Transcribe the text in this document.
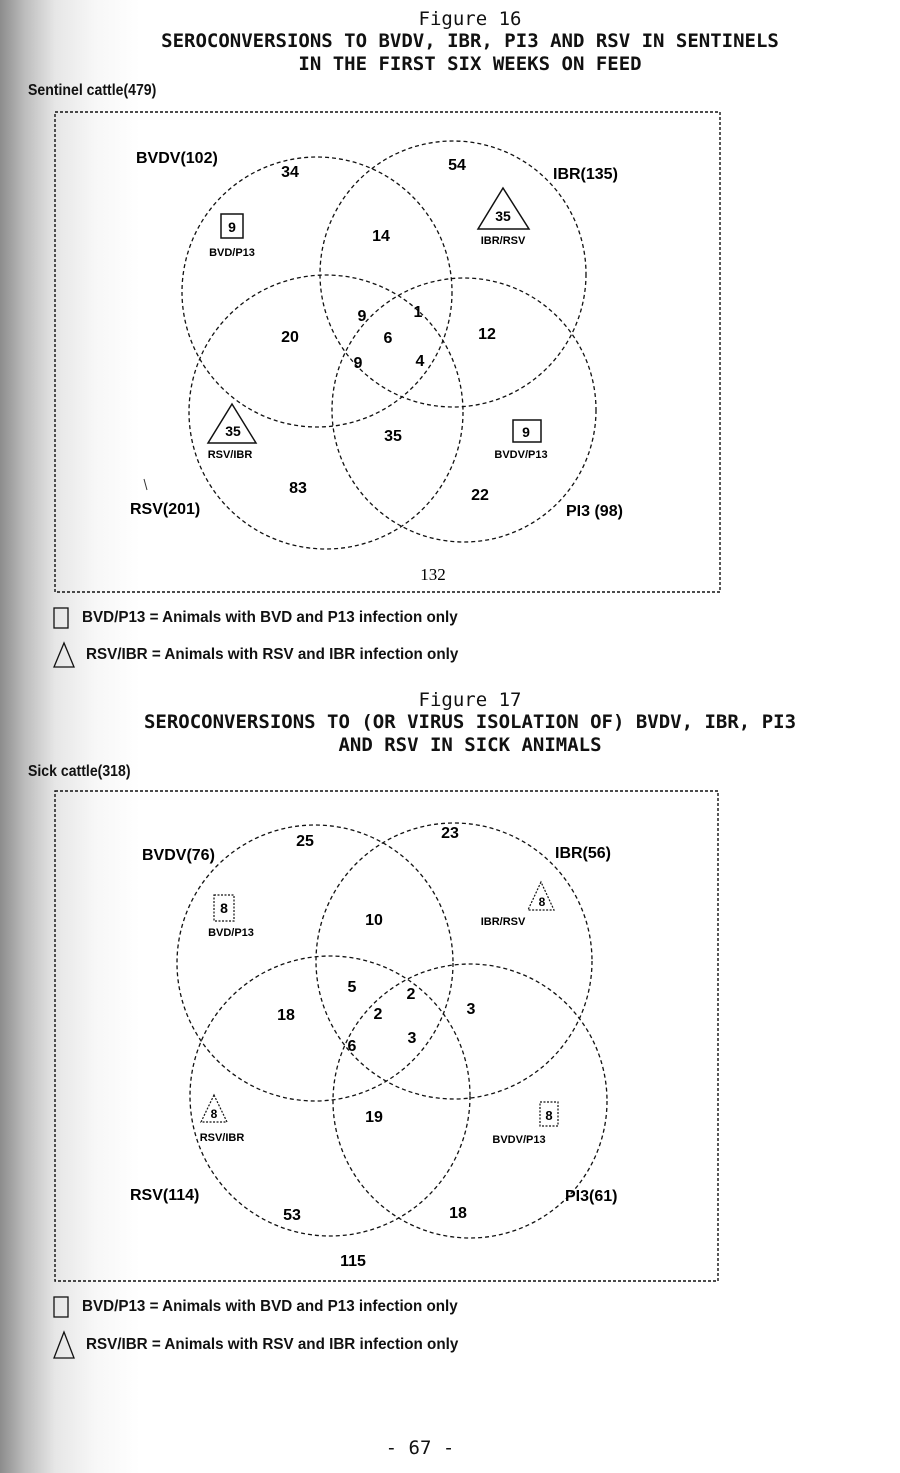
Figure 16
SEROCONVERSIONS TO BVDV, IBR, PI3 AND RSV IN SENTINELS
IN THE FIRST SIX WEEKS ON FEED
Sentinel cattle(479)
BVDV(102)
IBR(135)
RSV(201)	PI3 (98)
34	54
14
20	12
35
9	1
6
9	4
83	22
132
9
BVD/P13
35
IBR/RSV
35
RSV/IBR
9
BVDV/P13
BVD/P13 = Animals with BVD and P13 infection only
RSV/IBR = Animals with RSV and IBR infection only
Figure 17
SEROCONVERSIONS TO (OR VIRUS ISOLATION OF) BVDV, IBR, PI3
AND RSV IN SICK ANIMALS
Sick cattle(318)
BVDV(76)	IBR(56)
RSV(114)	PI3(61)
25	23
10
18	3
19
5	2
2
6	3
53	18
115
8
BVD/P13
8
IBR/RSV
8
RSV/IBR
8
BVDV/P13
BVD/P13 = Animals with BVD and P13 infection only
RSV/IBR = Animals with RSV and IBR infection only
- 67 -
